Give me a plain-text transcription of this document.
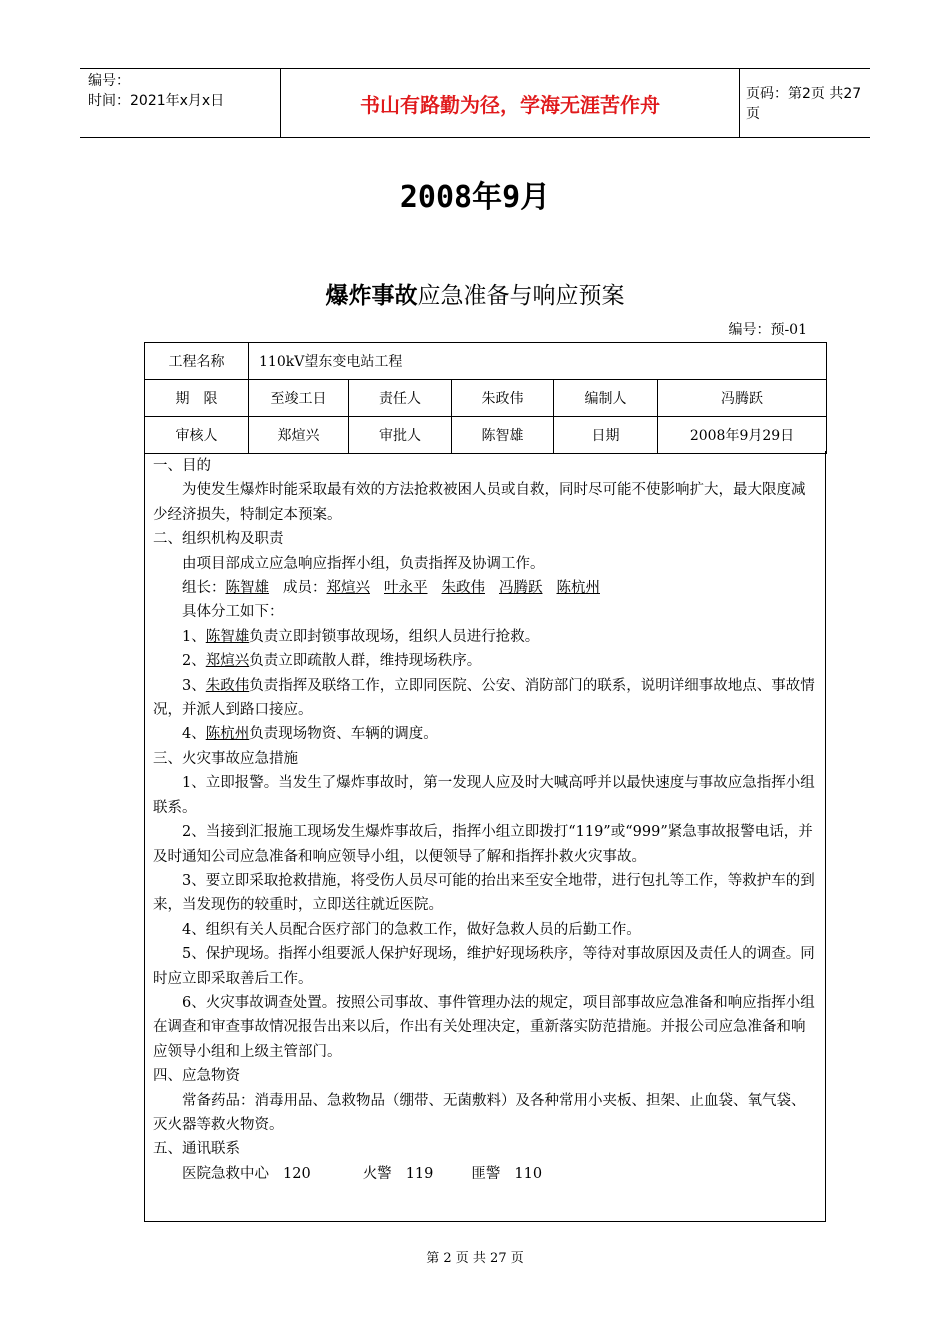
编号：
时间：2021年x月x日	书山有路勤为径，学海无涯苦作舟	页码：第2页 共27页
2008年9月
爆炸事故应急准备与响应预案
编号：预-01
工程名称	110kV望东变电站工程				
期　限	至竣工日	责任人	朱政伟	编制人	冯腾跃
审核人	郑煊兴	审批人	陈智雄	日期	2008年9月29日

一、目的

为使发生爆炸时能采取最有效的方法抢救被困人员或自救，同时尽可能不使影响扩大，最大限度减少经济损失，特制定本预案。

二、组织机构及职责

由项目部成立应急响应指挥小组，负责指挥及协调工作。

组长：陈智雄 成员：郑煊兴 叶永平 朱政伟 冯腾跃 陈杭州

具体分工如下：

1、陈智雄负责立即封锁事故现场，组织人员进行抢救。

2、郑煊兴负责立即疏散人群，维持现场秩序。

3、朱政伟负责指挥及联络工作，立即同医院、公安、消防部门的联系，说明详细事故地点、事故情况，并派人到路口接应。

4、陈杭州负责现场物资、车辆的调度。

三、火灾事故应急措施

1、立即报警。当发生了爆炸事故时，第一发现人应及时大喊高呼并以最快速度与事故应急指挥小组联系。

2、当接到汇报施工现场发生爆炸事故后，指挥小组立即拨打“119”或“999”紧急事故报警电话，并及时通知公司应急准备和响应领导小组，以便领导了解和指挥扑救火灾事故。

3、要立即采取抢救措施，将受伤人员尽可能的抬出来至安全地带，进行包扎等工作，等救护车的到来，当发现伤的较重时，立即送往就近医院。

4、组织有关人员配合医疗部门的急救工作，做好急救人员的后勤工作。

5、保护现场。指挥小组要派人保护好现场，维护好现场秩序，等待对事故原因及责任人的调查。同时应立即采取善后工作。

6、火灾事故调查处置。按照公司事故、事件管理办法的规定，项目部事故应急准备和响应指挥小组在调查和审查事故情况报告出来以后，作出有关处理决定，重新落实防范措施。并报公司应急准备和响应领导小组和上级主管部门。

四、应急物资

常备药品：消毒用品、急救物品（绷带、无菌敷料）及各种常用小夹板、担架、止血袋、氧气袋、灭火器等救火物资。

五、通讯联系

医院急救中心 120	火警 119	匪警 110

第 2 页 共 27 页
